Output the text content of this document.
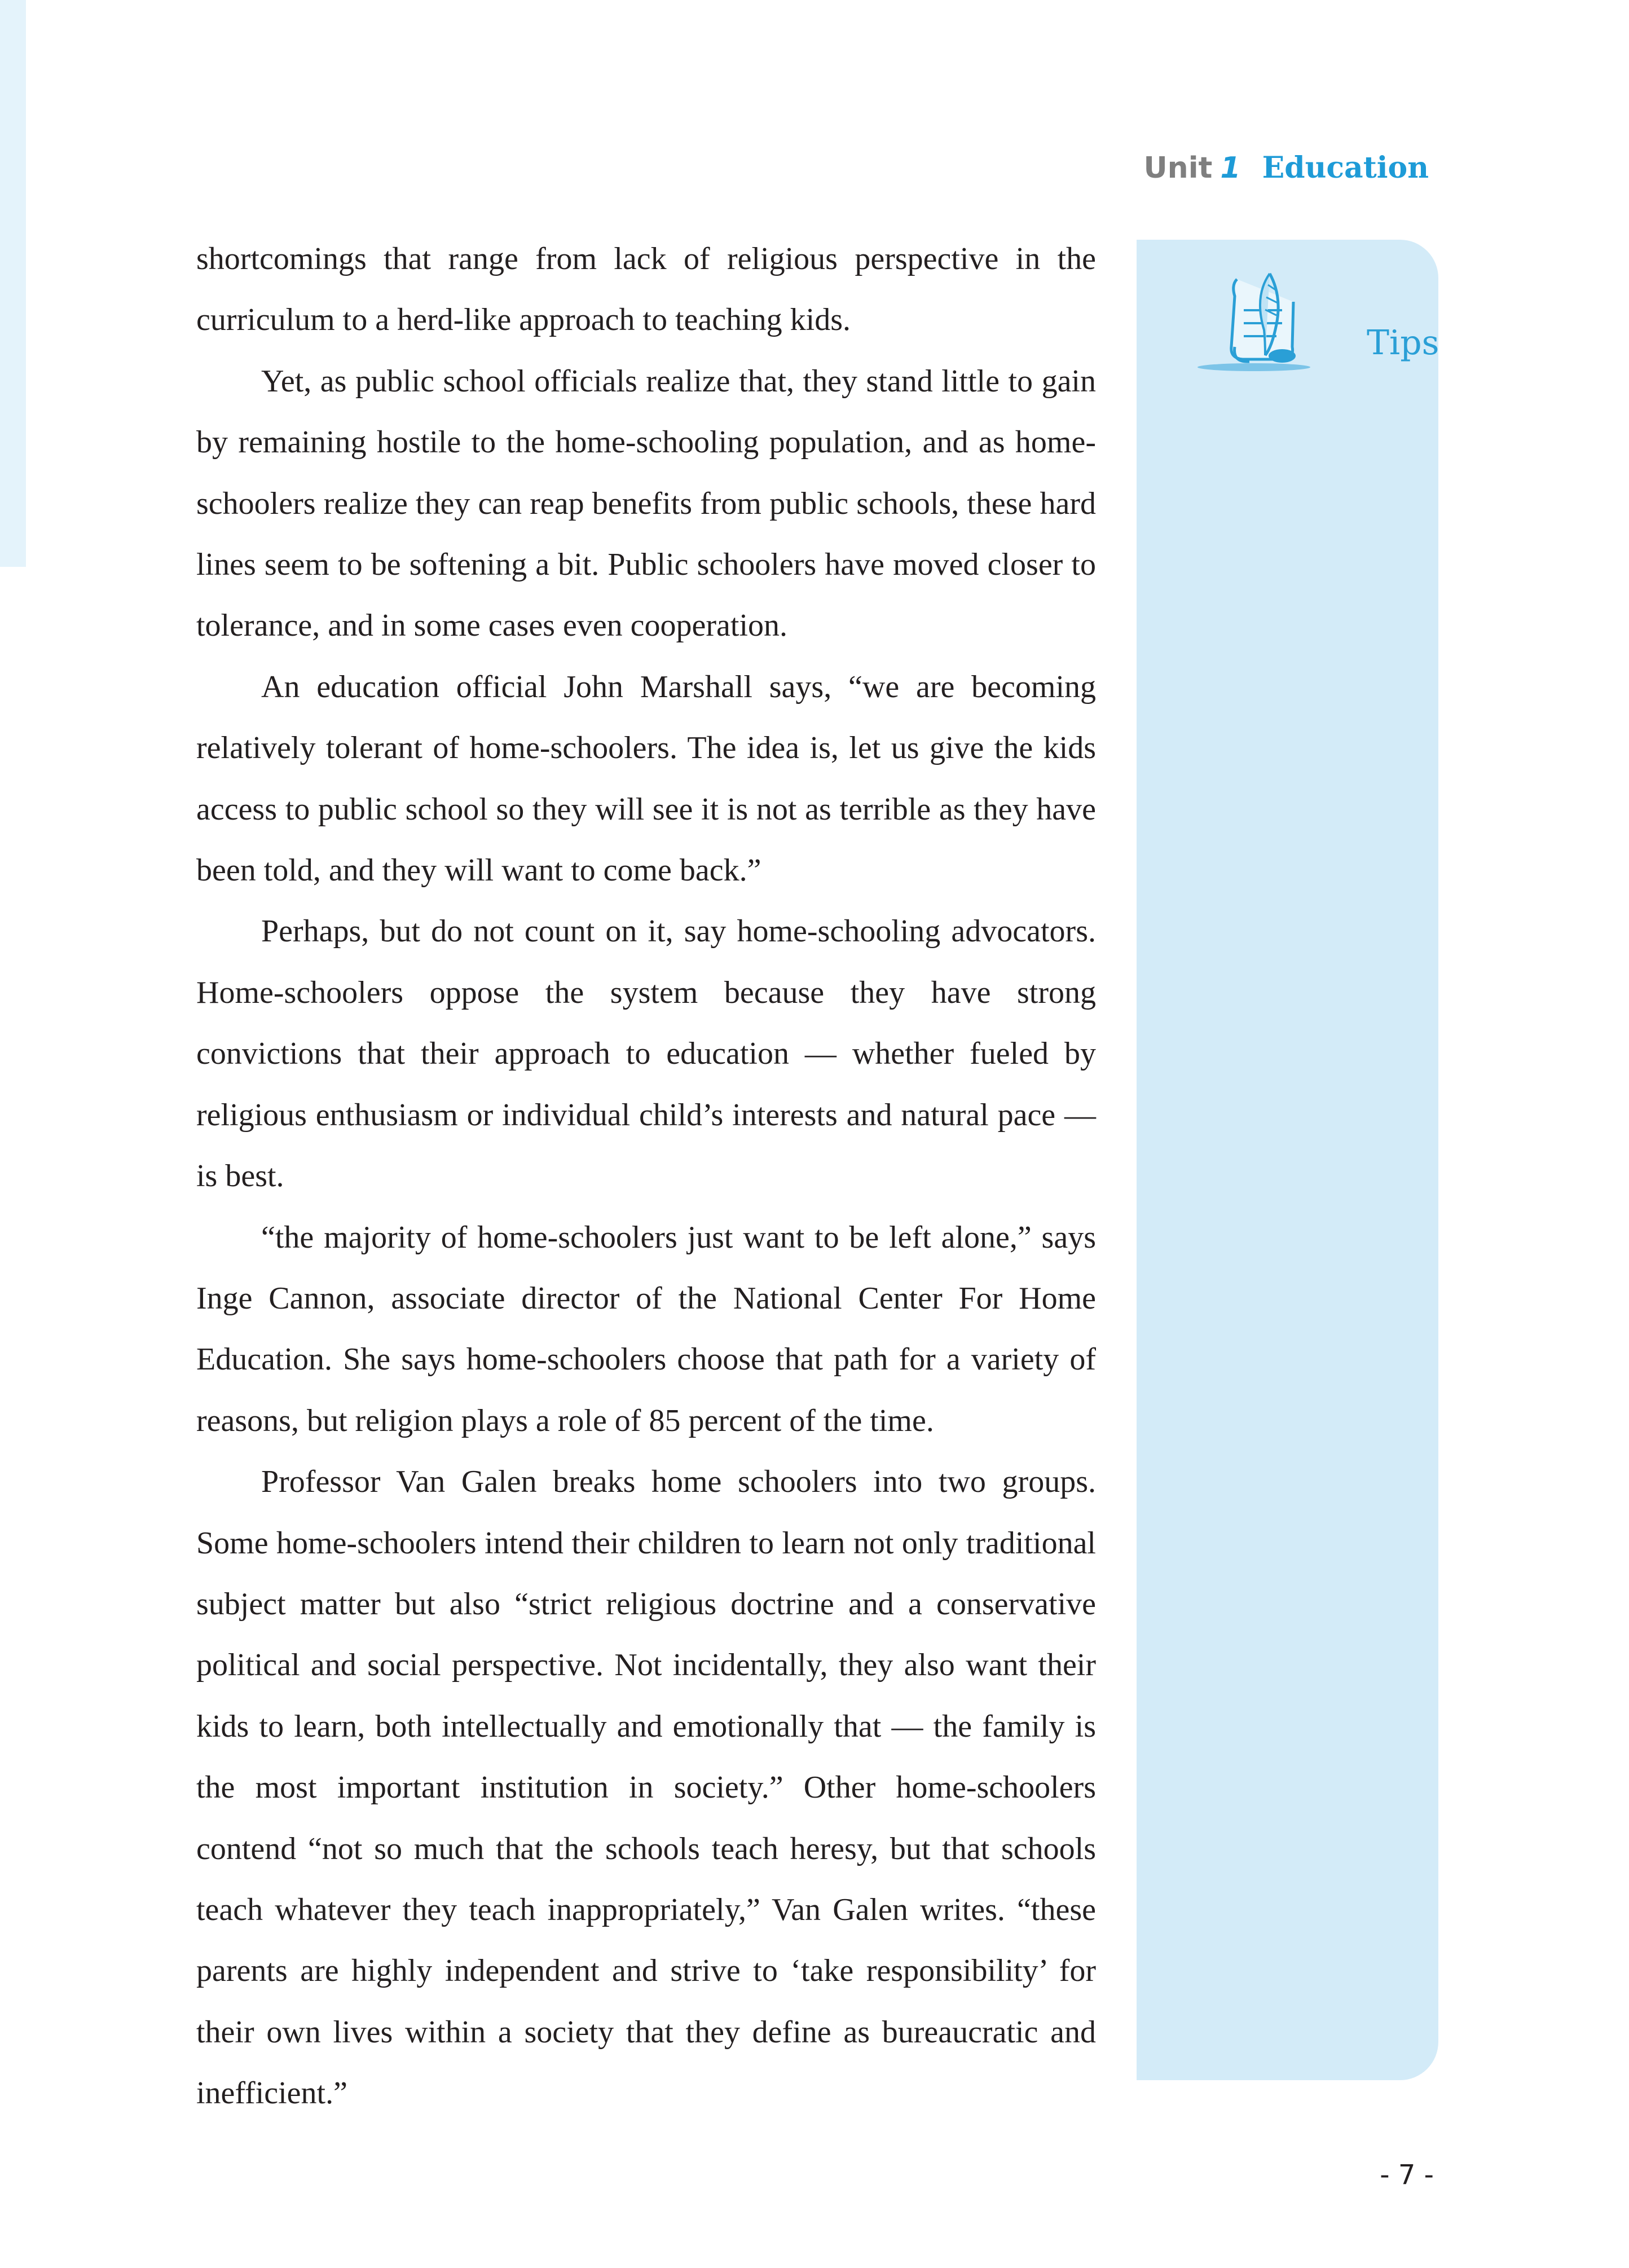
Unit 1 Education
Tips

shortcomings that range from lack of religious perspective in the curriculum to a herd-like approach to teaching kids.

Yet, as public school officials realize that, they stand little to gain by remaining hostile to the home-schooling population, and as home-schoolers realize they can reap benefits from public schools, these hard lines seem to be softening a bit. Public schoolers have moved closer to tolerance, and in some cases even cooperation.

An education official John Marshall says, “we are becoming relatively tolerant of home-schoolers. The idea is, let us give the kids access to public school so they will see it is not as terrible as they have been told, and they will want to come back.”

Perhaps, but do not count on it, say home-schooling advocators. Home-schoolers oppose the system because they have strong convictions that their approach to education — whether fueled by religious enthusiasm or individual child’s interests and natural pace — is best.

“the majority of home-schoolers just want to be left alone,” says Inge Cannon, associate director of the National Center For Home Education. She says home-schoolers choose that path for a variety of reasons, but religion plays a role of 85 percent of the time.

Professor Van Galen breaks home schoolers into two groups. Some home-schoolers intend their children to learn not only traditional subject matter but also “strict religious doctrine and a conservative political and social perspective. Not incidentally, they also want their kids to learn, both intellectually and emotionally that — the family is the most important institution in society.” Other home-schoolers contend “not so much that the schools teach heresy, but that schools teach whatever they teach inappropriately,” Van Galen writes. “these parents are highly independent and strive to ‘take responsibility’ for their own lives within a society that they define as bureaucratic and inefficient.”

- 7 -
